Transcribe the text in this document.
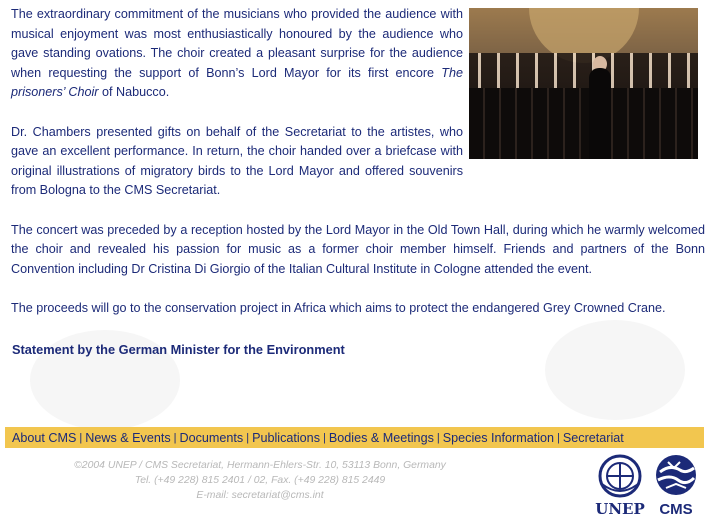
The extraordinary commitment of the musicians who provided the audience with musical enjoyment was most enthusiastically honoured by the audience who gave standing ovations. The choir created a pleasant surprise for the audience when requesting the support of Bonn’s Lord Mayor for its first encore The prisoners’ Choir of Nabucco.

Dr. Chambers presented gifts on behalf of the Secretariat to the artistes, who gave an excellent performance. In return, the choir handed over a briefcase with original illustrations of migratory birds to the Lord Mayor and offered souvenirs from Bologna to the CMS Secretariat.

The concert was preceded by a reception hosted by the Lord Mayor in the Old Town Hall, during which he warmly welcomed the choir and revealed his passion for music as a former choir member himself. Friends and partners of the Bonn Convention including Dr Cristina Di Giorgio of the Italian Cultural Institute in Cologne attended the event.

The proceeds will go to the conservation project in Africa which aims to protect the endangered Grey Crowned Crane.

Statement by the German Minister for the Environment
About CMS | News & Events | Documents | Publications | Bodies & Meetings | Species Information | Secretariat
©2004 UNEP / CMS Secretariat, Hermann-Ehlers-Str. 10, 53113 Bonn, Germany
Tel. (+49 228) 815 2401 / 02, Fax. (+49 228) 815 2449
E-mail: secretariat@cms.int
UNEP CMS
